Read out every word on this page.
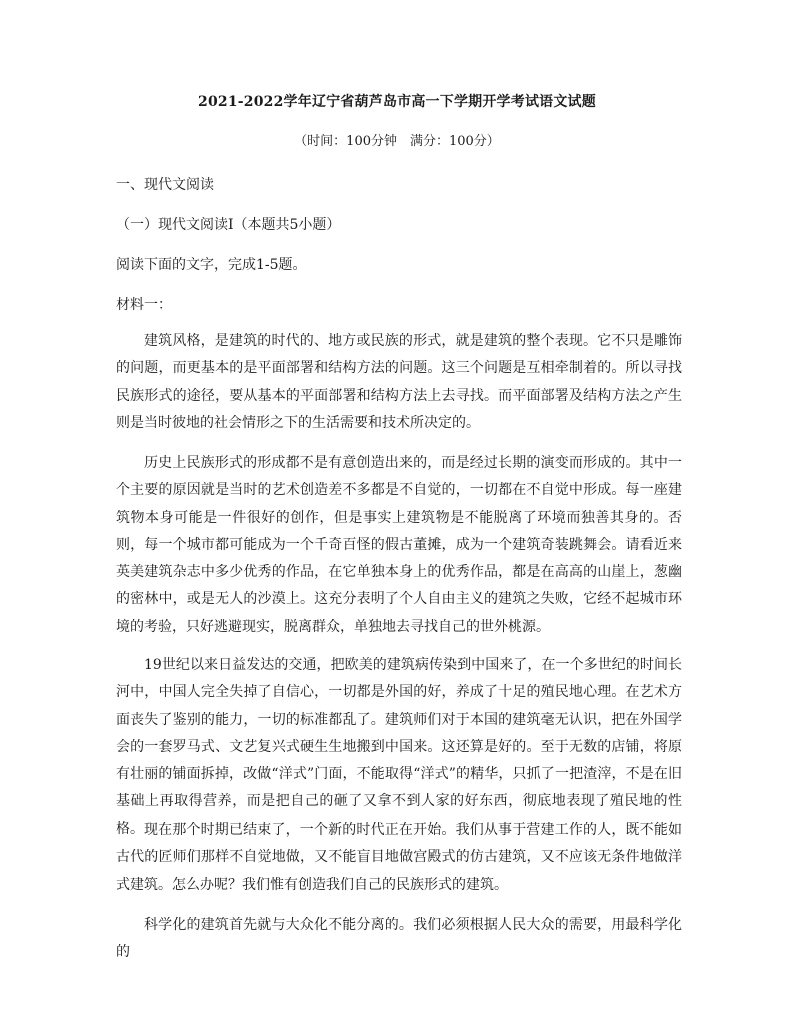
2021-2022学年辽宁省葫芦岛市高一下学期开学考试语文试题
（时间：100分钟　满分：100分）
一、现代文阅读
（一）现代文阅读Ⅰ（本题共5小题）
阅读下面的文字，完成1-5题。
材料一：

建筑风格，是建筑的时代的、地方或民族的形式，就是建筑的整个表现。它不只是雕饰的问题，而更基本的是平面部署和结构方法的问题。这三个问题是互相牵制着的。所以寻找民族形式的途径，要从基本的平面部署和结构方法上去寻找。而平面部署及结构方法之产生则是当时彼地的社会情形之下的生活需要和技术所决定的。

历史上民族形式的形成都不是有意创造出来的，而是经过长期的演变而形成的。其中一个主要的原因就是当时的艺术创造差不多都是不自觉的，一切都在不自觉中形成。每一座建筑物本身可能是一件很好的创作，但是事实上建筑物是不能脱离了环境而独善其身的。否则，每一个城市都可能成为一个千奇百怪的假古董摊，成为一个建筑奇装跳舞会。请看近来英美建筑杂志中多少优秀的作品，在它单独本身上的优秀作品，都是在高高的山崖上，葱幽的密林中，或是无人的沙漠上。这充分表明了个人自由主义的建筑之失败，它经不起城市环境的考验，只好逃避现实，脱离群众，单独地去寻找自己的世外桃源。

19世纪以来日益发达的交通，把欧美的建筑病传染到中国来了，在一个多世纪的时间长河中，中国人完全失掉了自信心，一切都是外国的好，养成了十足的殖民地心理。在艺术方面丧失了鉴别的能力，一切的标准都乱了。建筑师们对于本国的建筑毫无认识，把在外国学会的一套罗马式、文艺复兴式硬生生地搬到中国来。这还算是好的。至于无数的店铺，将原有壮丽的铺面拆掉，改做“洋式”门面，不能取得“洋式”的精华，只抓了一把渣滓，不是在旧基础上再取得营养，而是把自己的砸了又拿不到人家的好东西，彻底地表现了殖民地的性格。 现在那个时期已结束了，一个新的时代正在开始。我们从事于营建工作的人，既不能如古代的匠师们那样不自觉地做，又不能盲目地做宫殿式的仿古建筑，又不应该无条件地做洋式建筑。怎么办呢？我们惟有创造我们自己的民族形式的建筑。

科学化的建筑首先就与大众化不能分离的。我们必须根据人民大众的需要，用最科学化的
